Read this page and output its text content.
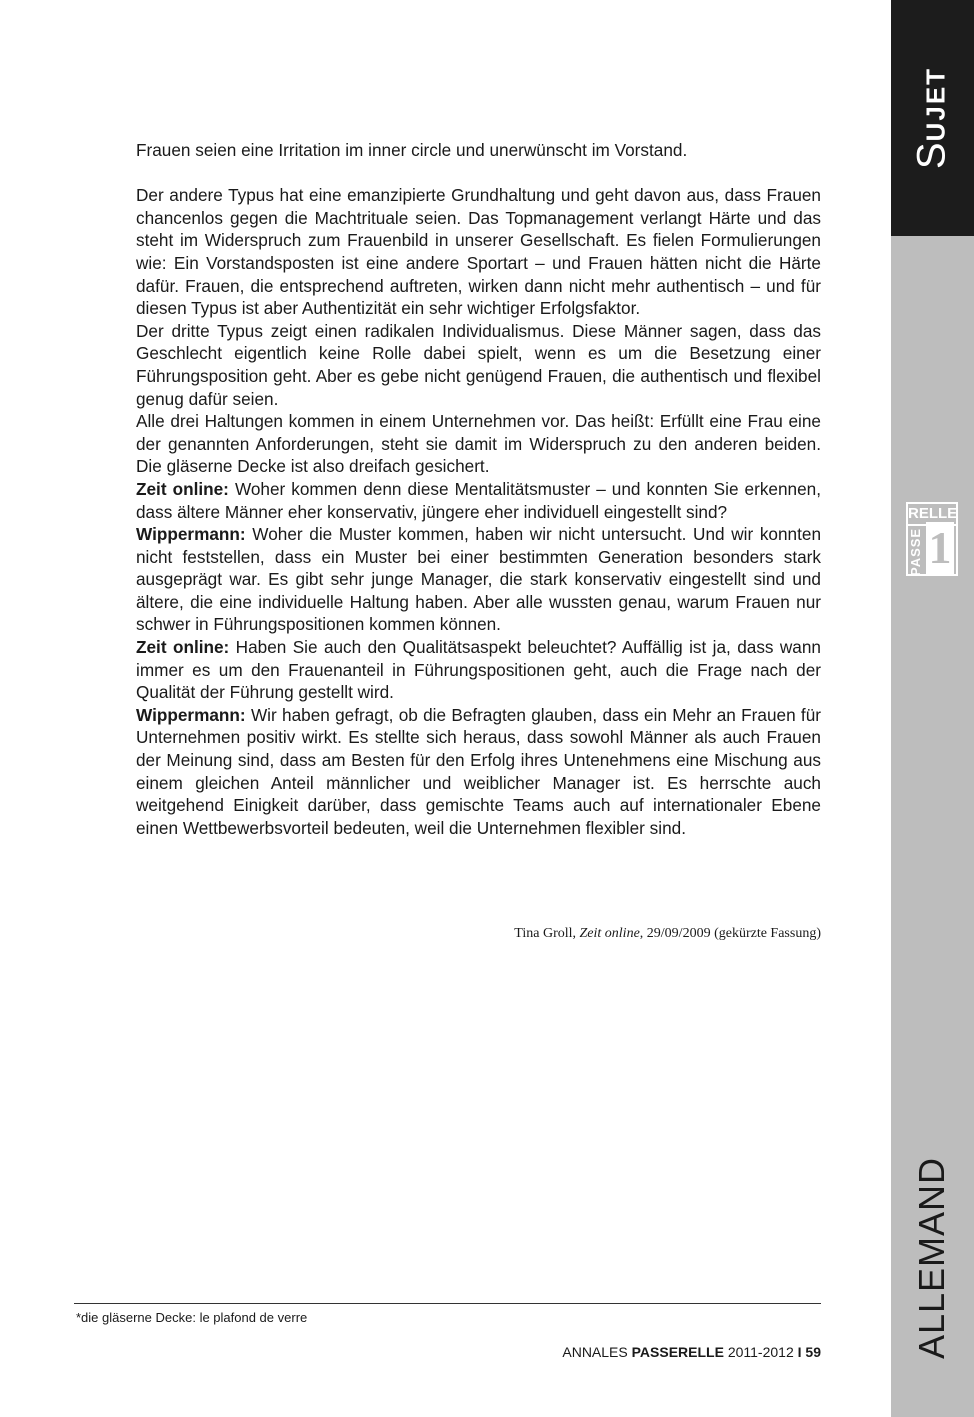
SUJET
RELLE
PASSE 1
ALLEMAND

Frauen seien eine Irritation im inner circle und unerwünscht im Vorstand.

Der andere Typus hat eine emanzipierte Grundhaltung und geht davon aus, dass Frauen chancenlos gegen die Machtrituale seien. Das Topmanagement verlangt Härte und das steht im Widerspruch zum Frauenbild in unserer Gesellschaft. Es fielen Formulierungen wie: Ein Vorstandsposten ist eine andere Sportart – und Frauen hätten nicht die Härte dafür. Frauen, die entsprechend auftreten, wirken dann nicht mehr authentisch – und für diesen Typus ist aber Authentizität ein sehr wichtiger Erfolgsfaktor.

Der dritte Typus zeigt einen radikalen Individualismus. Diese Männer sagen, dass das Geschlecht eigentlich keine Rolle dabei spielt, wenn es um die Besetzung einer Führungsposition geht. Aber es gebe nicht genügend Frauen, die authentisch und flexibel genug dafür seien.

Alle drei Haltungen kommen in einem Unternehmen vor. Das heißt: Erfüllt eine Frau eine der genannten Anforderungen, steht sie damit im Widerspruch zu den anderen beiden. Die gläserne Decke ist also dreifach gesichert.

Zeit online: Woher kommen denn diese Mentalitätsmuster – und konnten Sie erkennen, dass ältere Männer eher konservativ, jüngere eher individuell eingestellt sind?

Wippermann: Woher die Muster kommen, haben wir nicht untersucht. Und wir konnten nicht feststellen, dass ein Muster bei einer bestimmten Generation besonders stark ausgeprägt war. Es gibt sehr junge Manager, die stark konservativ eingestellt sind und ältere, die eine individuelle Haltung haben. Aber alle wussten genau, warum Frauen nur schwer in Führungspositionen kommen können.

Zeit online: Haben Sie auch den Qualitätsaspekt beleuchtet? Auffällig ist ja, dass wann immer es um den Frauenanteil in Führungspositionen geht, auch die Frage nach der Qualität der Führung gestellt wird.

Wippermann: Wir haben gefragt, ob die Befragten glauben, dass ein Mehr an Frauen für Unternehmen positiv wirkt. Es stellte sich heraus, dass sowohl Männer als auch Frauen der Meinung sind, dass am Besten für den Erfolg ihres Untenehmens eine Mischung aus einem gleichen Anteil männlicher und weiblicher Manager ist. Es herrschte auch weitgehend Einigkeit darüber, dass gemischte Teams auch auf internationaler Ebene einen Wettbewerbsvorteil bedeuten, weil die Unternehmen flexibler sind.

Tina Groll, Zeit online, 29/09/2009 (gekürzte Fassung)
*die gläserne Decke: le plafond de verre
ANNALES PASSERELLE 2011-2012 I 59
